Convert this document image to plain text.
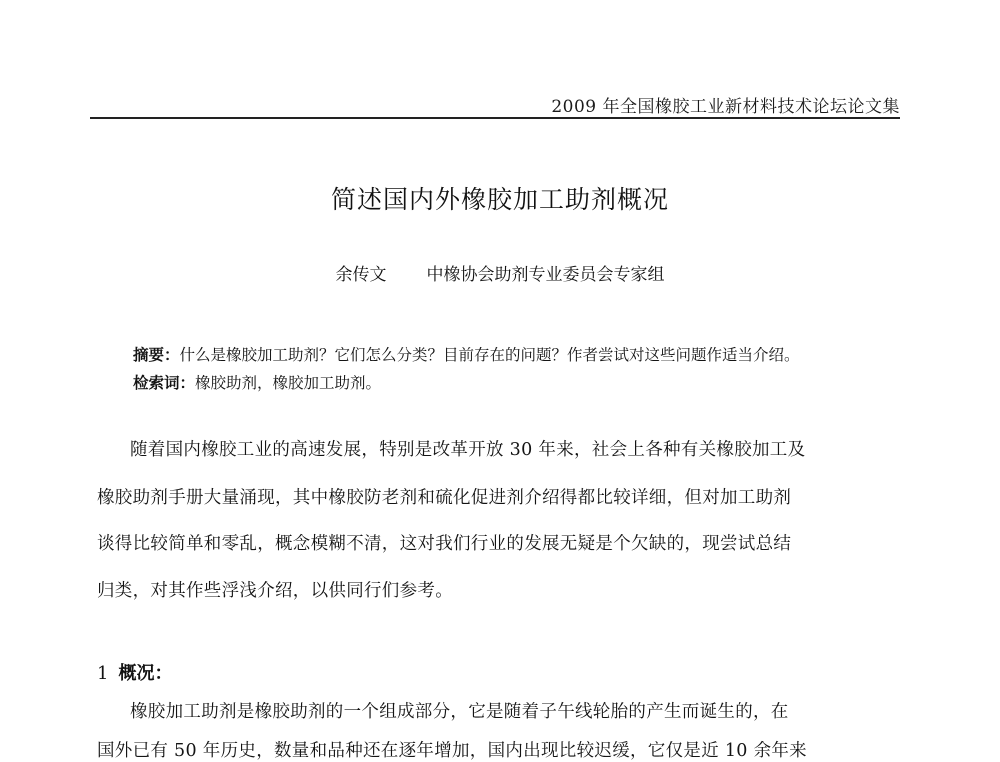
2009 年全国橡胶工业新材料技术论坛论文集
简述国内外橡胶加工助剂概况
余传文 中橡协会助剂专业委员会专家组
摘要：什么是橡胶加工助剂？它们怎么分类？目前存在的问题？作者尝试对这些问题作适当介绍。
检索词：橡胶助剂，橡胶加工助剂。
随着国内橡胶工业的高速发展，特别是改革开放 30 年来，社会上各种有关橡胶加工及
橡胶助剂手册大量涌现，其中橡胶防老剂和硫化促进剂介绍得都比较详细，但对加工助剂
谈得比较简单和零乱，概念模糊不清，这对我们行业的发展无疑是个欠缺的，现尝试总结
归类，对其作些浮浅介绍，以供同行们参考。
1 概况：
橡胶加工助剂是橡胶助剂的一个组成部分，它是随着子午线轮胎的产生而诞生的，在
国外已有 50 年历史，数量和品种还在逐年增加，国内出现比较迟缓，它仅是近 10 余年来
